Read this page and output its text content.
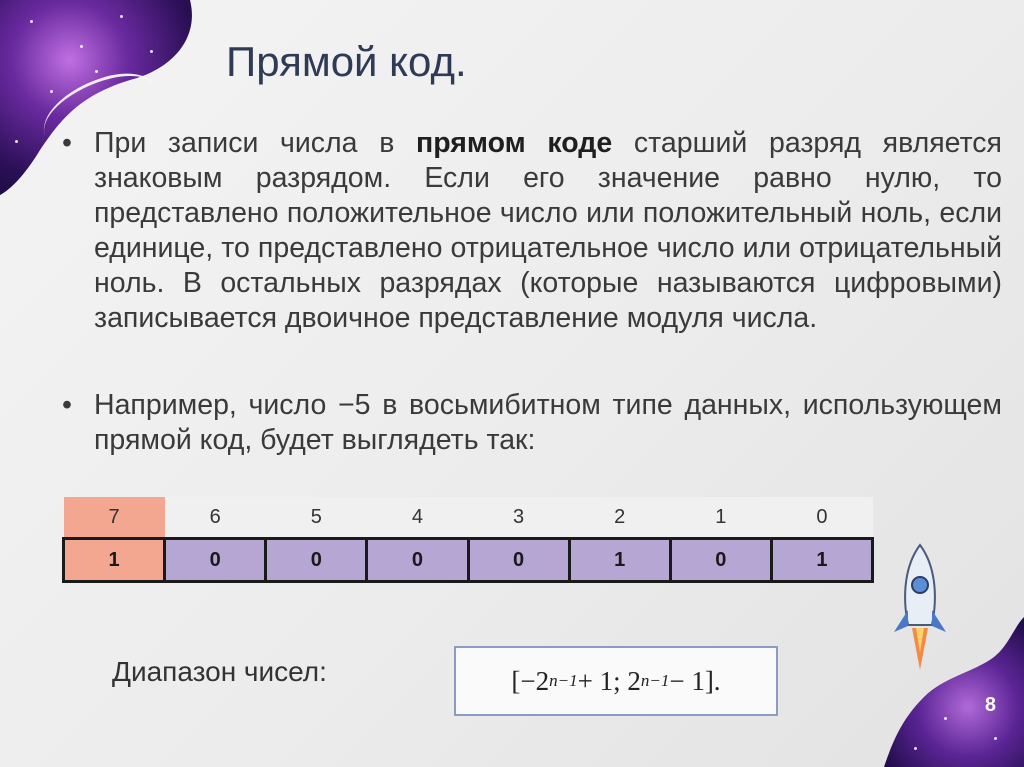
Прямой код.
• При записи числа в прямом коде старший разряд является знаковым разрядом. Если его значение равно нулю, то представлено положительное число или положительный ноль, если единице, то представлено отрицательное число или отрицательный ноль. В остальных разрядах (которые называются цифровыми) записывается двоичное представление модуля числа.
• Например, число −5 в восьмибитном типе данных, использующем прямой код, будет выглядеть так:
7	6	5	4	3	2	1	0
1	0	0	0	0	1	0	1
Диапазон чисел:	[−2 n−1 + 1; 2 n−1 − 1].
8
